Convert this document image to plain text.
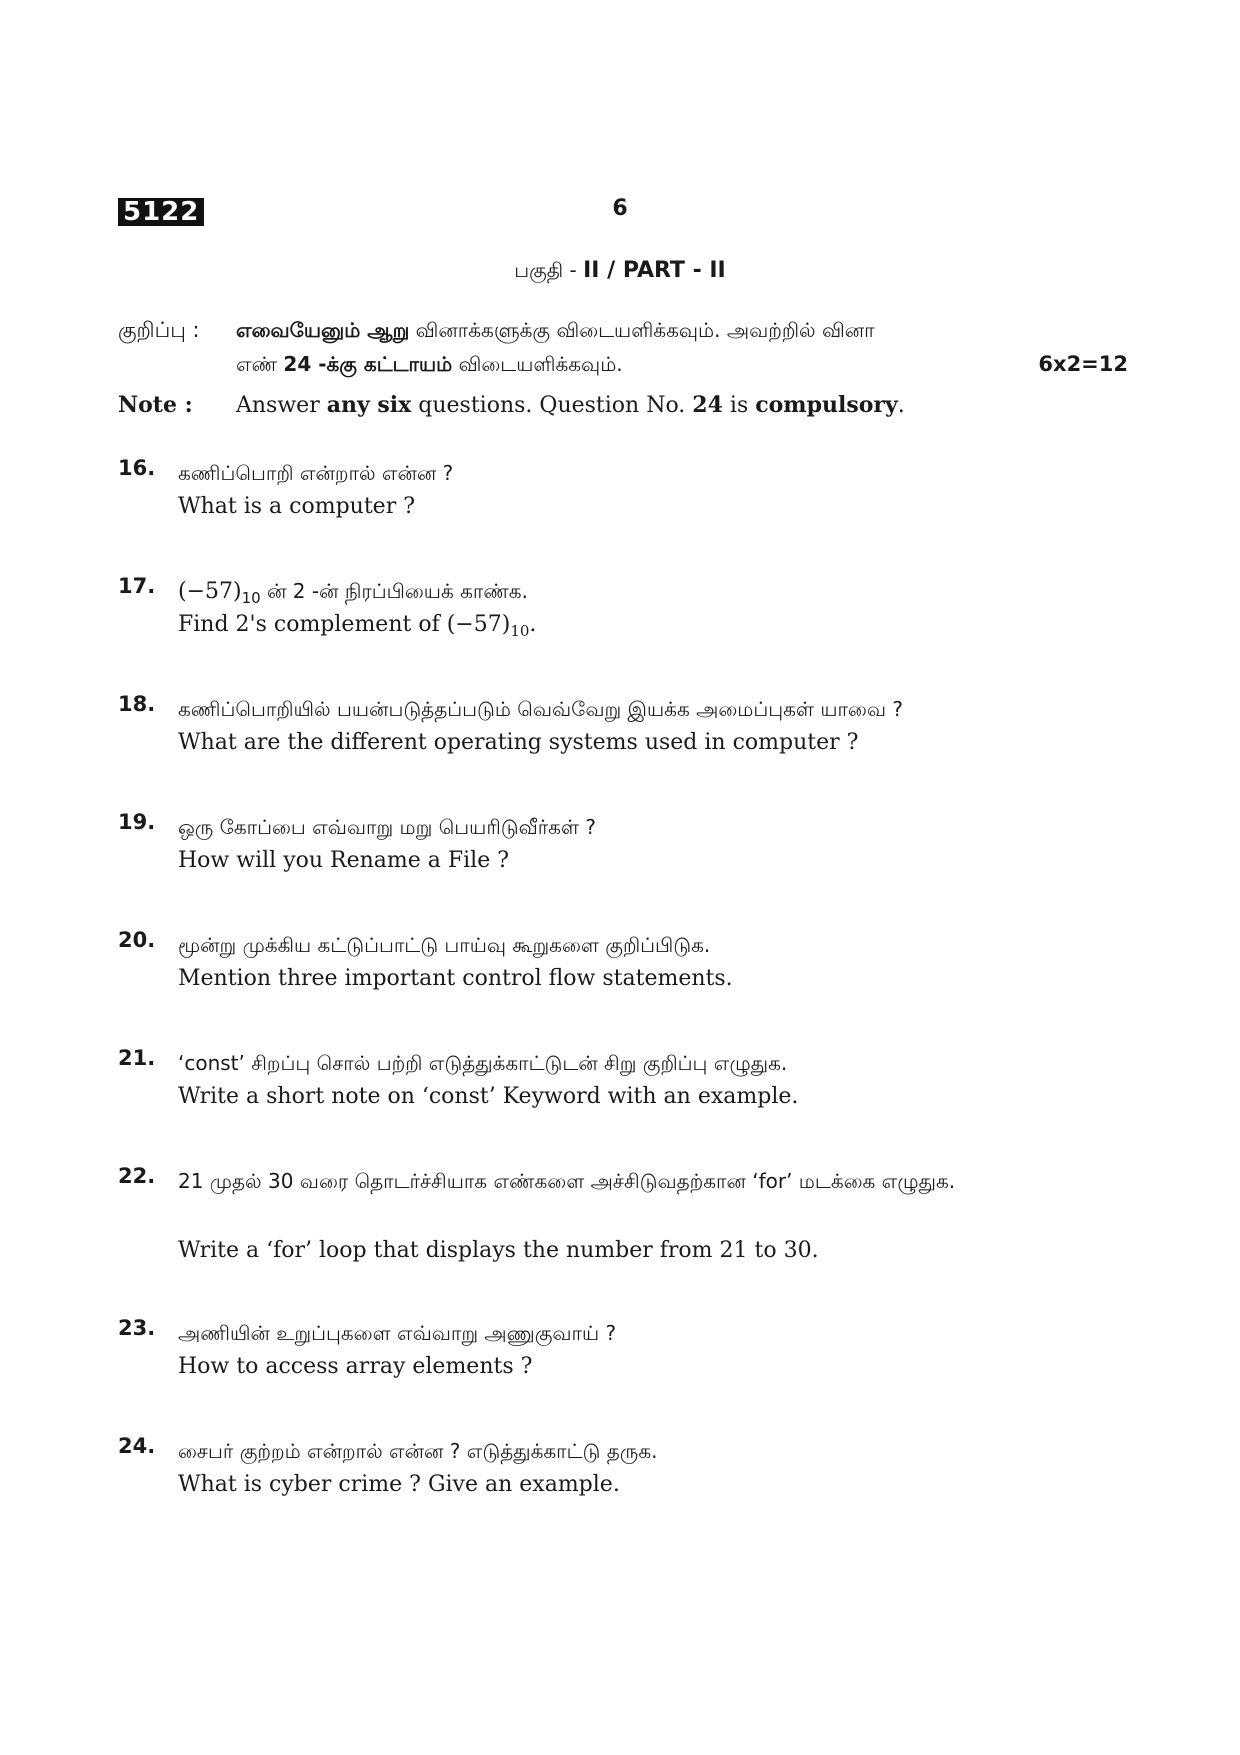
5122	6
பகுதி - II / PART - II
குறிப்பு : எவையேனும் ஆறு வினாக்களுக்கு விடையளிக்கவும். அவற்றில் வினா
எண் 24 -க்கு கட்டாயம் விடையளிக்கவும்.	6x2=12
Note : Answer any six questions. Question No. 24 is compulsory.
16.	கணிப்பொறி என்றால் என்ன ?
What is a computer ?
17.	$(-57)_{10}$ ன் 2 -ன் நிரப்பியைக் காண்க.
Find 2's complement of $(-57)_{10}$.
18.	கணிப்பொறியில் பயன்படுத்தப்படும் வெவ்வேறு இயக்க அமைப்புகள் யாவை ?
What are the different operating systems used in computer ?
19.	ஒரு கோப்பை எவ்வாறு மறு பெயரிடுவீர்கள் ?
How will you Rename a File ?
20.	மூன்று முக்கிய கட்டுப்பாட்டு பாய்வு கூறுகளை குறிப்பிடுக.
Mention three important control flow statements.
21.	‘const’ சிறப்பு சொல் பற்றி எடுத்துக்காட்டுடன் சிறு குறிப்பு எழுதுக.
Write a short note on ‘const’ Keyword with an example.
22.	21 முதல் 30 வரை தொடர்ச்சியாக எண்களை அச்சிடுவதற்கான ‘for’ மடக்கை எழுதுக.
Write a ‘for’ loop that displays the number from 21 to 30.
23.	அணியின் உறுப்புகளை எவ்வாறு அணுகுவாய் ?
How to access array elements ?
24.	சைபர் குற்றம் என்றால் என்ன ? எடுத்துக்காட்டு தருக.
What is cyber crime ? Give an example.
